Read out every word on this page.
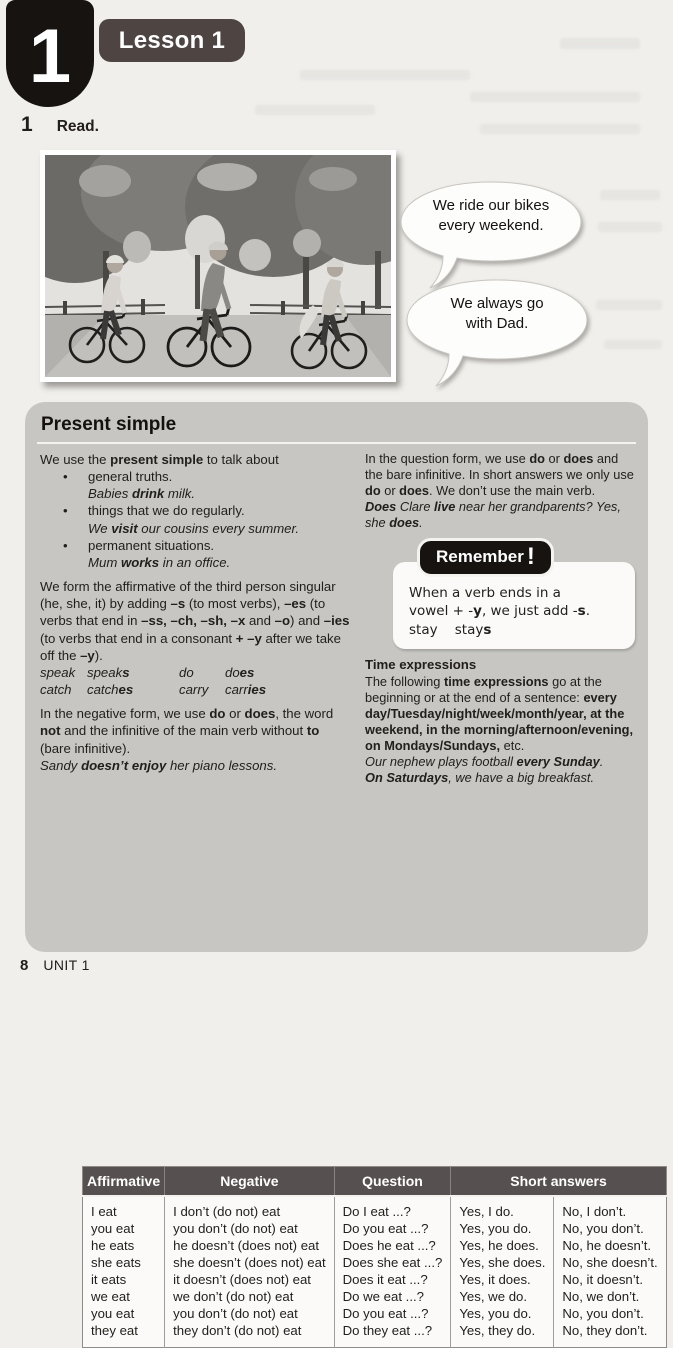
1 Lesson 1
1 Read.
We ride our bikes
every weekend.
We always go
with Dad.
Present simple

We use the present simple to talk about

• general truths.
Babies drink milk.
• things that we do regularly.
We visit our cousins every summer.
• permanent situations.
Mum works in an office.

We form the affirmative of the third person singular (he, she, it) by adding –s (to most verbs), –es (to verbs that end in –ss, –ch, –sh, –x and –o) and –ies (to verbs that end in a consonant + –y after we take off the –y).

speak speaks	do	does
catch	catches	carry	carries

In the negative form, we use do or does, the word not and the infinitive of the main verb without to (bare infinitive).

Sandy doesn’t enjoy her piano lessons.

In the question form, we use do or does and the bare infinitive. In short answers we only use do or does. We don’t use the main verb.

Does Clare live near her grandparents? Yes, she does.

Remember !
When a verb ends in a
vowel + -y, we just add -s.
stay    stays
Time expressions

The following time expressions go at the beginning or at the end of a sentence: every day/Tuesday/night/week/month/year, at the weekend, in the morning/afternoon/evening, on Mondays/Sundays, etc.

Our nephew plays football every Sunday.
On Saturdays, we have a big breakfast.
Affirmative	Negative	Question	Short answers	
I eat	I don’t (do not) eat	Do I eat ...?	Yes, I do.	No, I don’t.
you eat	you don’t (do not) eat	Do you eat ...?	Yes, you do.	No, you don’t.
he eats	he doesn’t (does not) eat	Does he eat ...?	Yes, he does.	No, he doesn’t.
she eats	she doesn’t (does not) eat	Does she eat ...?	Yes, she does.	No, she doesn’t.
it eats	it doesn’t (does not) eat	Does it eat ...?	Yes, it does.	No, it doesn’t.
we eat	we don’t (do not) eat	Do we eat ...?	Yes, we do.	No, we don’t.
you eat	you don’t (do not) eat	Do you eat ...?	Yes, you do.	No, you don’t.
they eat	they don’t (do not) eat	Do they eat ...?	Yes, they do.	No, they don’t.
8 UNIT 1
